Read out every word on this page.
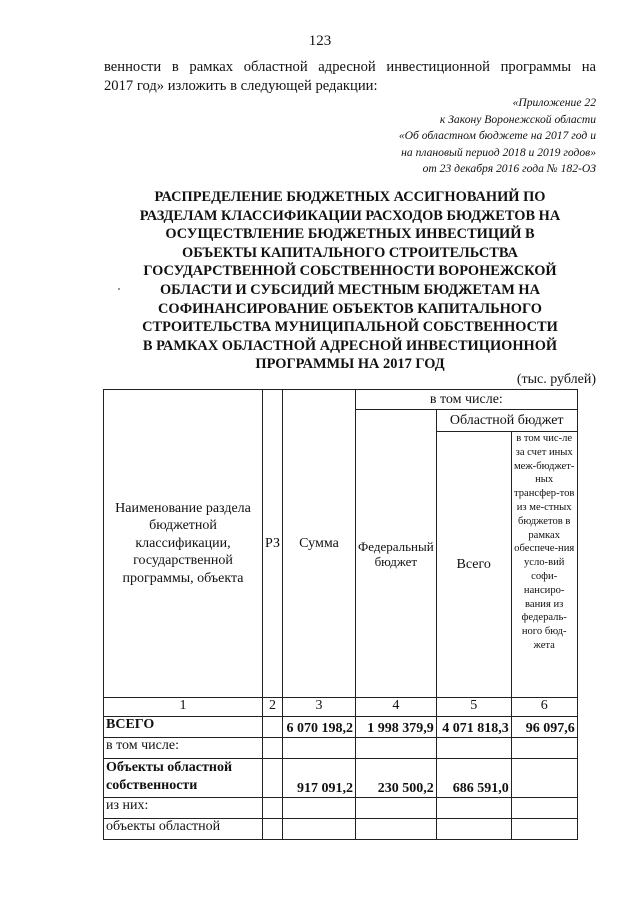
123
венности в рамках областной адресной инвестиционной программы на
2017 год» изложить в следующей редакции:
«Приложение 22
к Закону Воронежской области
«Об областном бюджете на 2017 год и
на плановый период 2018 и 2019 годов»
от 23 декабря 2016 года № 182-ОЗ
РАСПРЕДЕЛЕНИЕ БЮДЖЕТНЫХ АССИГНОВАНИЙ ПО
РАЗДЕЛАМ КЛАССИФИКАЦИИ РАСХОДОВ БЮДЖЕТОВ НА
ОСУЩЕСТВЛЕНИЕ БЮДЖЕТНЫХ ИНВЕСТИЦИЙ В
ОБЪЕКТЫ КАПИТАЛЬНОГО СТРОИТЕЛЬСТВА
ГОСУДАРСТВЕННОЙ СОБСТВЕННОСТИ ВОРОНЕЖСКОЙ
ОБЛАСТИ И СУБСИДИЙ МЕСТНЫМ БЮДЖЕТАМ НА
СОФИНАНСИРОВАНИЕ ОБЪЕКТОВ КАПИТАЛЬНОГО
СТРОИТЕЛЬСТВА МУНИЦИПАЛЬНОЙ СОБСТВЕННОСТИ
В РАМКАХ ОБЛАСТНОЙ АДРЕСНОЙ ИНВЕСТИЦИОННОЙ
ПРОГРАММЫ НА 2017 ГОД
(тыс. рублей)
Наименование раздела бюджетной классификации, государственной программы, объекта	РЗ	Сумма	в том числе:		
			Федеральный бюджет	Областной бюджет	
				Всего	в том чис-ле за счет иных меж-бюджет-ных трансфер-тов из ме-стных бюджетов в рамках обеспече-ния усло-вий софи-нансиро-вания из федераль-ного бюд-жета
1	2	3	4	5	6
ВСЕГО		6 070 198,2	1 998 379,9	4 071 818,3	96 097,6
в том числе:					
Объекты областной собственности		917 091,2	230 500,2	686 591,0	
из них:					
объекты областной					
